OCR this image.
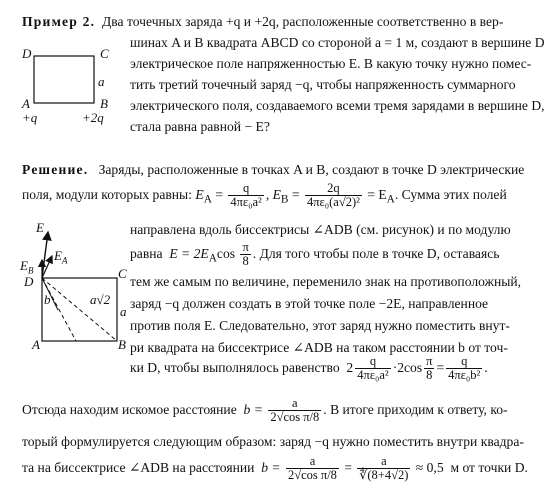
Пример 2. Два точечных заряда +q и +2q, расположенные соответственно в вер-
шинах A и B квадрата ABCD со стороной a = 1 м, создают в вершине D
электрическое поле напряженностью E. В какую точку нужно помес-
тить третий точечный заряд −q, чтобы напряженность суммарного
электрического поля, создаваемого всеми тремя зарядами в вершине D,
стала равна равной − E?
D	C
a
A	B
+q	+2q
Решение. Заряды, расположенные в точках A и B, создают в точке D электрические
поля, модули которых равны: $E_A = \frac{q}{\text{4πε₀a²}}$ , $E_B = \frac{2q}{\text{4πε₀(a√2)²}} = E_A$. Сумма этих полей
направлена вдоль биссектрисы ∠ADB (см. рисунок) и по модулю
равна $E = 2E_A\cos \frac{\pi}{8}$ . Для того чтобы поле в точке D, оставаясь
тем же самым по величине, переменило знак на противоположный,
заряд −q должен создать в этой точке поле −2E, направленное
против поля E. Следовательно, этот заряд нужно поместить внут-
ри квадрата на биссектрисе ∠ADB на таком расстоянии b от точ-
ки D, чтобы выполнялось равенство $2 \frac{q}{\text{4πε₀a²}} \cdot 2\cos \frac{\pi}{8} = \frac{q}{\text{4πε₀b²}}$ .
E
$E_A$
$E_B$
D
C
b	a√2
a
A	B
Отсюда находим искомое расстояние $b = \frac{a}{\text{2√cos π/8}}$ . В итоге приходим к ответу, ко-
торый формулируется следующим образом: заряд −q нужно поместить внутри квадра-
та на биссектрисе ∠ADB на расстоянии $b = \frac{a}{\text{2√cos π/8}} = \frac{a}{∜(8+4√2)} \approx 0,5$ м от точки D.
